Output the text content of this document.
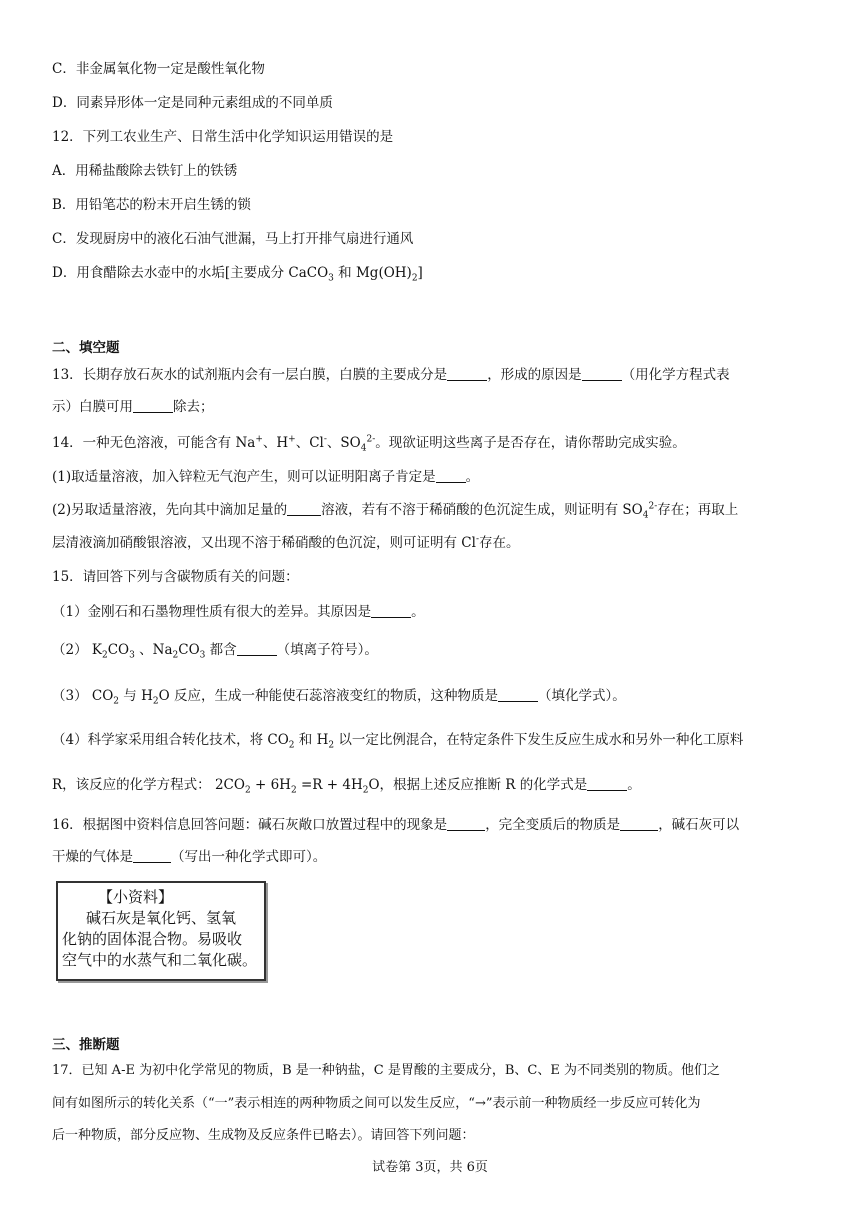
C．非金属氧化物一定是酸性氧化物
D．同素异形体一定是同种元素组成的不同单质
12．下列工农业生产、日常生活中化学知识运用错误的是
A．用稀盐酸除去铁钉上的铁锈
B．用铅笔芯的粉末开启生锈的锁
C．发现厨房中的液化石油气泄漏，马上打开排气扇进行通风
D．用食醋除去水壶中的水垢[主要成分 CaCO$_3$ 和 $Mg(OH)_2$]
二、填空题
13．长期存放石灰水的试剂瓶内会有一层白膜，白膜的主要成分是	，形成的原因是	（用化学方程式表
示）白膜可用	除去；
14．一种无色溶液，可能含有 Na+、H+、Cl-、$SO_4^{2-}$。现欲证明这些离子是否存在，请你帮助完成实验。
(1)取适量溶液，加入锌粒无气泡产生，则可以证明阳离子肯定是 。
(2)另取适量溶液，先向其中滴加足量的	溶液，若有不溶于稀硝酸的色沉淀生成，则证明有 $SO_4^{2-}$存在；再取上
层清液滴加硝酸银溶液，又出现不溶于稀硝酸的色沉淀，则可证明有 Cl-存在。
15．请回答下列与含碳物质有关的问题：
（1）金刚石和石墨物理性质有很大的差异。其原因是	。
（2） $K_2CO_3$ 、$Na_2CO_3$ 都含	（填离子符号）。
（3） $CO_2$ 与 $H_2O$ 反应，生成一种能使石蕊溶液变红的物质，这种物质是	（填化学式）。
（4）科学家采用组合转化技术，将 $CO_2$ 和 $H_2$ 以一定比例混合，在特定条件下发生反应生成水和另外一种化工原料
R，该反应的化学方程式： $2CO_2 + 6H_2 =R + 4H_2O$，根据上述反应推断 R 的化学式是	。
16．根据图中资料信息回答问题：碱石灰敞口放置过程中的现象是	，完全变质后的物质是	，碱石灰可以
干燥的气体是	（写出一种化学式即可）。
【小资料】
碱石灰是氧化钙、氢氧
化钠的固体混合物。易吸收
空气中的水蒸气和二氧化碳。
三、推断题
17．已知 A-E 为初中化学常见的物质，B 是一种钠盐，C 是胃酸的主要成分，B、C、E 为不同类别的物质。他们之
间有如图所示的转化关系（“一”表示相连的两种物质之间可以发生反应，“→”表示前一种物质经一步反应可转化为
后一种物质，部分反应物、生成物及反应条件已略去）。请回答下列问题：
试卷第 3页，共 6页
